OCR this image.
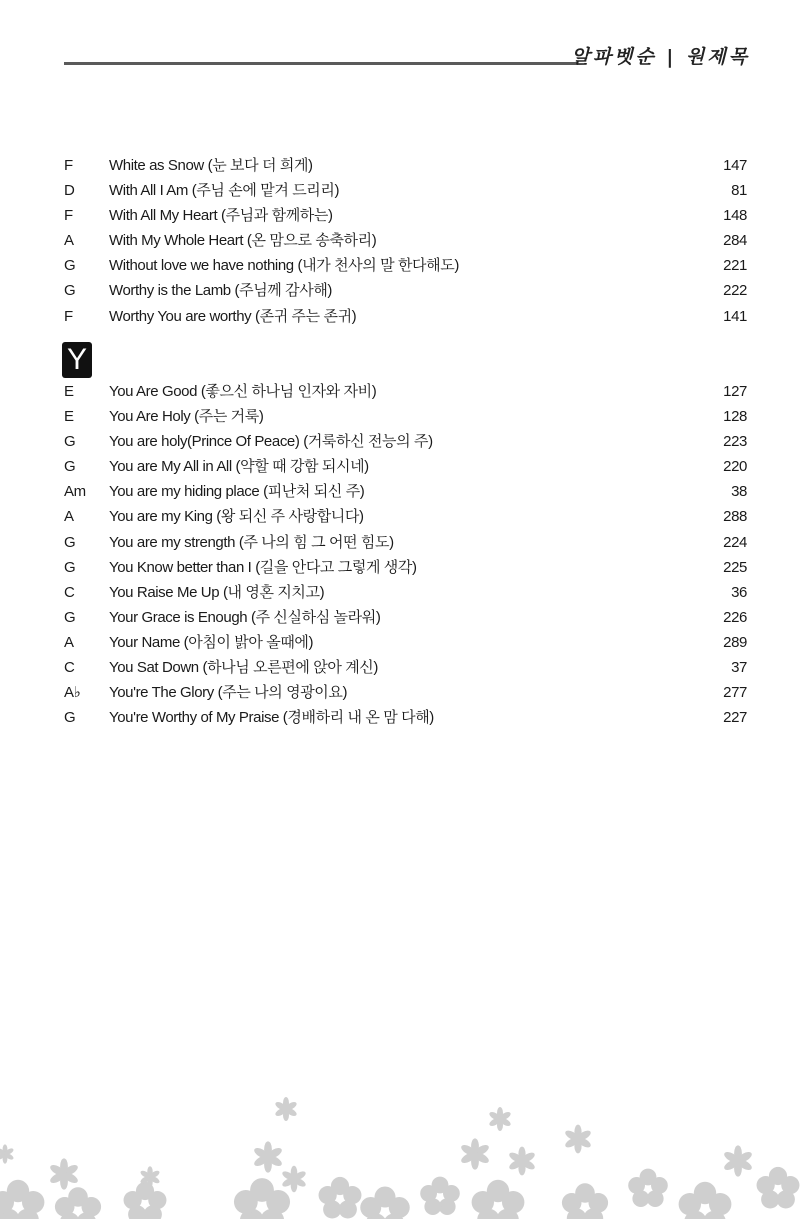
알파벳순 | 원제목
F	White as Snow (눈 보다 더 희게)	147
D	With All I Am (주님 손에 맡겨 드리리)	81
F	With All My Heart (주님과 함께하는)	148
A	With My Whole Heart (온 맘으로 송축하리)	284
G	Without love we have nothing (내가 천사의 말 한다해도)	221
G	Worthy is the Lamb (주님께 감사해)	222
F	Worthy You are worthy (존귀 주는 존귀)	141
Y
E	You Are Good (좋으신 하나님 인자와 자비)	127
E	You Are Holy (주는 거룩)	128
G	You are holy(Prince Of Peace) (거룩하신 전능의 주)	223
G	You are My All in All (약할 때 강함 되시네)	220
Am	You are my hiding place (피난처 되신 주)	38
A	You are my King (왕 되신 주 사랑합니다)	288
G	You are my strength (주 나의 힘 그 어떤 힘도)	224
G	You Know better than I (길을 안다고 그렇게 생각)	225
C	You Raise Me Up (내 영혼 지치고)	36
G	Your Grace is Enough (주 신실하심 놀라워)	226
A	Your Name (아침이 밝아 올때에)	289
C	You Sat Down (하나님 오른편에 앉아 계신)	37
A♭	You're The Glory (주는 나의 영광이요)	277
G	You're Worthy of My Praise (경배하리 내 온 맘 다해)	227
